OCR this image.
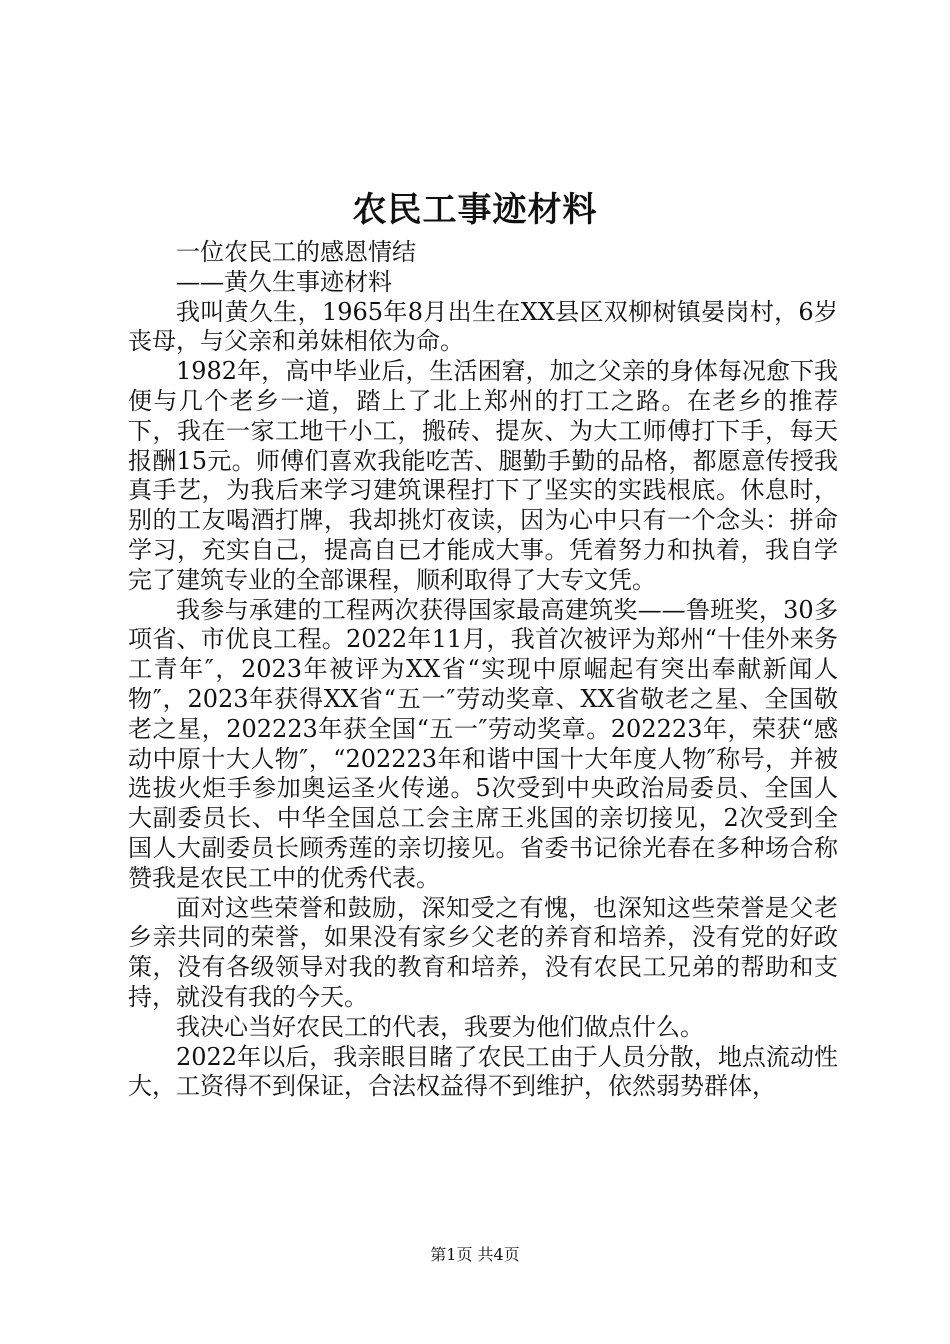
农民工事迹材料

一位农民工的感恩情结

——黄久生事迹材料

我叫黄久生，1965年8月出生在XX县区双柳树镇晏岗村，6岁丧母，与父亲和弟妹相依为命。

1982年，高中毕业后，生活困窘，加之父亲的身体每况愈下我便与几个老乡一道，踏上了北上郑州的打工之路。在老乡的推荐下，我在一家工地干小工，搬砖、提灰、为大工师傅打下手，每天报酬15元。师傅们喜欢我能吃苦、腿勤手勤的品格，都愿意传授我真手艺，为我后来学习建筑课程打下了坚实的实践根底。休息时，别的工友喝酒打牌，我却挑灯夜读，因为心中只有一个念头：拼命学习，充实自己，提高自已才能成大事。凭着努力和执着，我自学完了建筑专业的全部课程，顺利取得了大专文凭。

我参与承建的工程两次获得国家最高建筑奖——鲁班奖，30多项省、市优良工程。2022年11月，我首次被评为郑州“十佳外来务工青年″，2023年被评为XX省“实现中原崛起有突出奉献新闻人物″，2023年获得XX省“五一″劳动奖章、XX省敬老之星、全国敬老之星，202223年获全国“五一″劳动奖章。202223年，荣获“感动中原十大人物″，“202223年和谐中国十大年度人物″称号，并被选拔火炬手参加奥运圣火传递。5次受到中央政治局委员、全国人大副委员长、中华全国总工会主席王兆国的亲切接见，2次受到全国人大副委员长顾秀莲的亲切接见。省委书记徐光春在多种场合称赞我是农民工中的优秀代表。

面对这些荣誉和鼓励，深知受之有愧，也深知这些荣誉是父老乡亲共同的荣誉，如果没有家乡父老的养育和培养，没有党的好政策，没有各级领导对我的教育和培养，没有农民工兄弟的帮助和支持，就没有我的今天。

我决心当好农民工的代表，我要为他们做点什么。

2022年以后，我亲眼目睹了农民工由于人员分散，地点流动性大，工资得不到保证，合法权益得不到维护，依然弱势群体，

第1页 共4页
